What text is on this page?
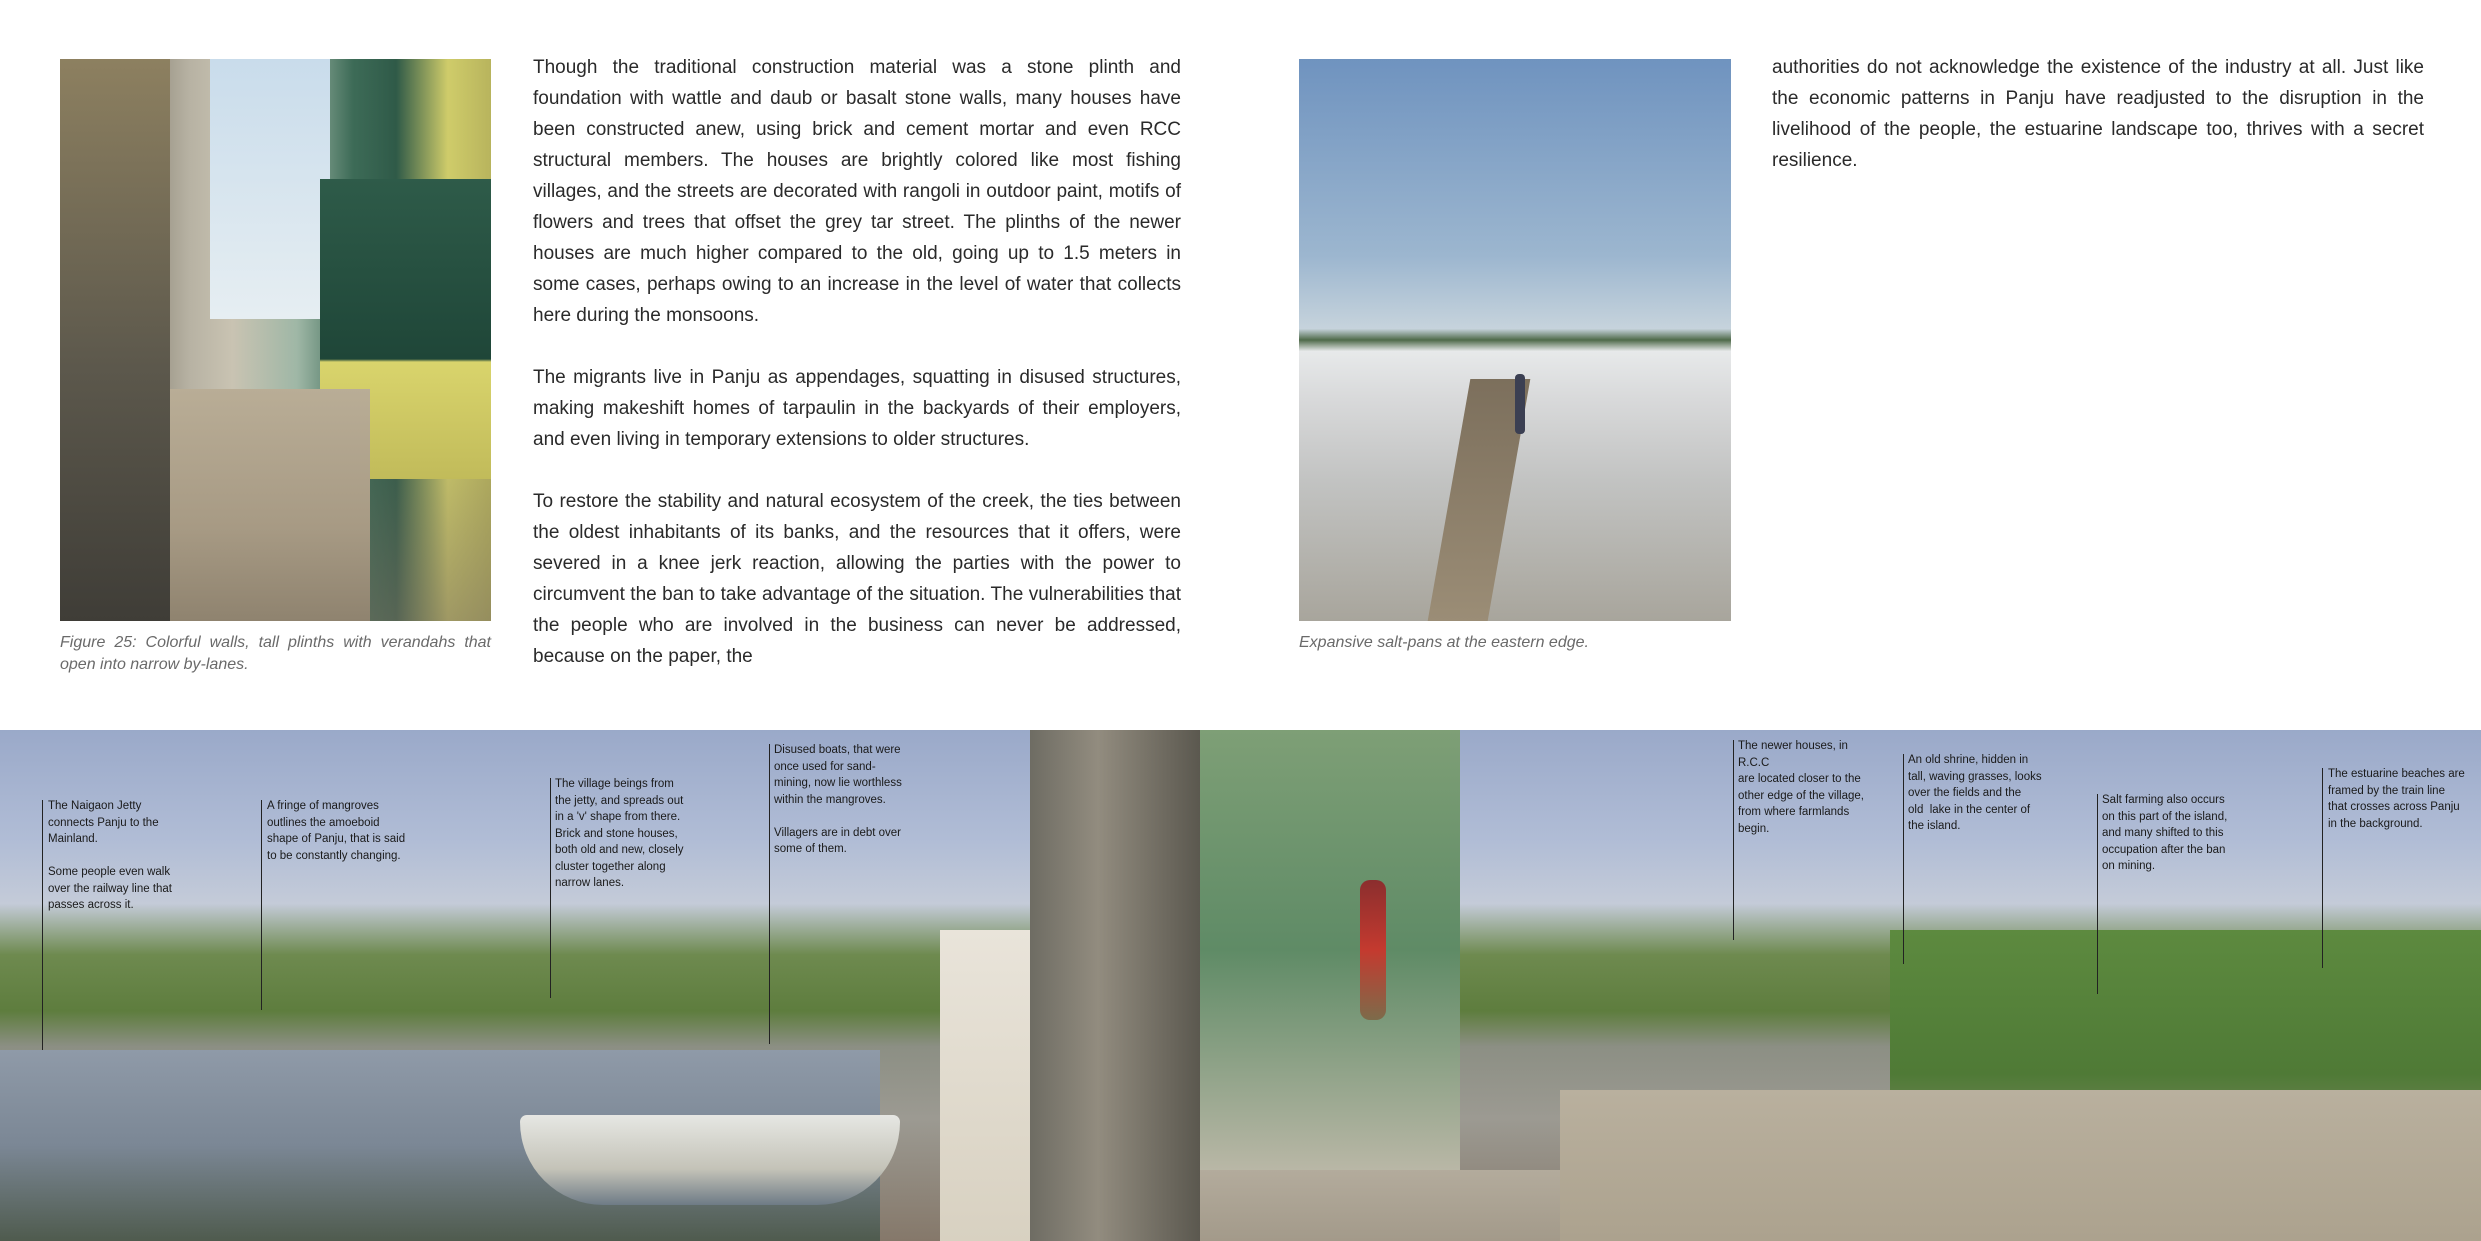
Figure 25: Colorful walls, tall plinths with verandahs that open into narrow by-lanes.

Though the traditional construction material was a stone plinth and foundation with wattle and daub or basalt stone walls, many houses have been constructed anew, using brick and cement mortar and even RCC structural members. The houses are brightly colored like most fishing villages, and the streets are decorated with rangoli in outdoor paint, motifs of flowers and trees that offset the grey tar street. The plinths of the newer houses are much higher compared to the old, going up to 1.5 meters in some cases, perhaps owing to an increase in the level of water that collects here during the monsoons.

The migrants live in Panju as appendages, squatting in disused structures, making makeshift homes of tarpaulin in the backyards of their employers, and even living in temporary extensions to older structures.

To restore the stability and natural ecosystem of the creek, the ties between the oldest inhabitants of its banks, and the resources that it offers, were severed in a knee jerk reaction, allowing the parties with the power to circumvent the ban to take advantage of the situation. The vulnerabilities that the people who are involved in the business can never be addressed, because on the paper, the

Expansive salt-pans at the eastern edge.

authorities do not acknowledge the existence of the industry at all. Just like the economic patterns in Panju have readjusted to the disruption in the livelihood of the people, the estuarine landscape too, thrives with a secret resilience.

The Naigaon Jetty
connects Panju to the
Mainland.

Some people even walk
over the railway line that
passes across it.
A fringe of mangroves
outlines the amoeboid
shape of Panju, that is said
to be constantly changing.
The village beings from
the jetty, and spreads out
in a 'v' shape from there.
Brick and stone houses,
both old and new, closely
cluster together along
narrow lanes.
Disused boats, that were
once used for sand-
mining, now lie worthless
within the mangroves.

Villagers are in debt over
some of them.
The newer houses, in R.C.C
are located closer to the
other edge of the village,
from where farmlands
begin.
An old shrine, hidden in
tall, waving grasses, looks
over the fields and the
old  lake in the center of
the island.
Salt farming also occurs
on this part of the island,
and many shifted to this
occupation after the ban
on mining.
The estuarine beaches are
framed by the train line
that crosses across Panju
in the background.
